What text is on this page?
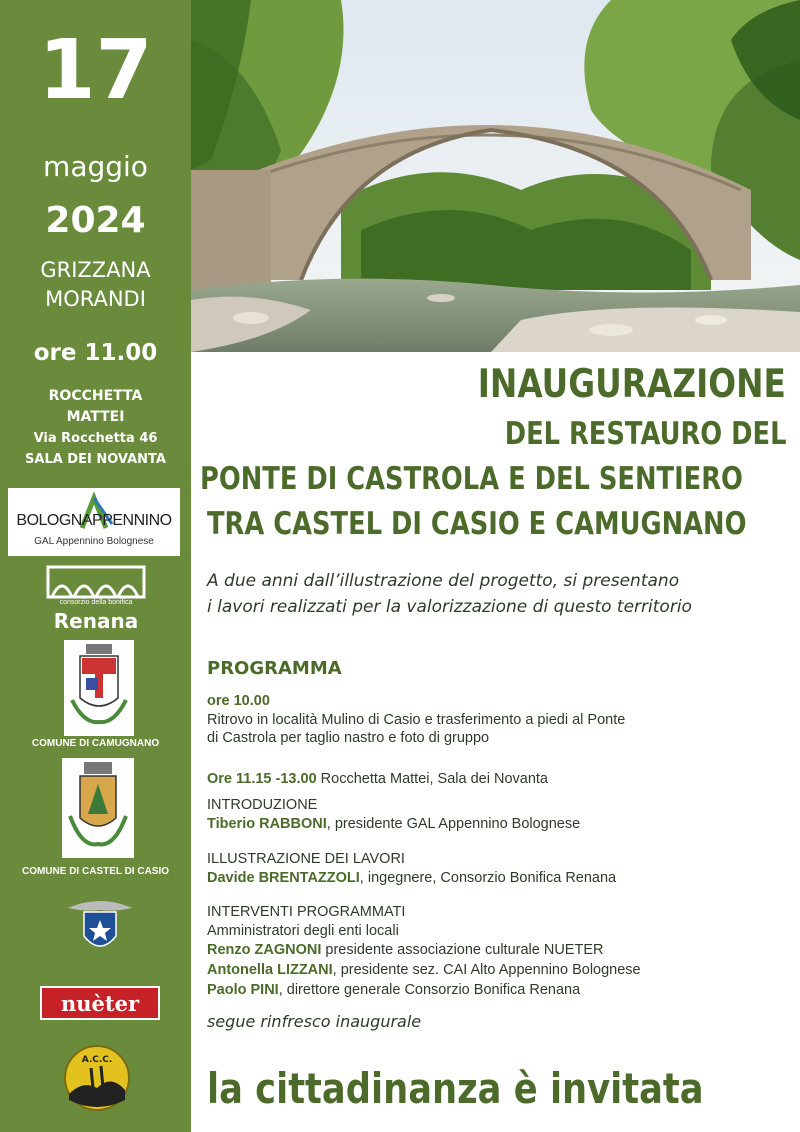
17
maggio
2024
GRIZZANA
MORANDI
ore 11.00
ROCCHETTA
MATTEI
Via Rocchetta 46
SALA DEI NOVANTA
BOLOGNAPPENNINO
GAL Appennino Bolognese
consorzio della bonifica
Renana
COMUNE DI CAMUGNANO
COMUNE DI CASTEL DI CASIO
nuèter
A.C.C.
INAUGURAZIONE
DEL RESTAURO DEL
PONTE DI CASTROLA E DEL SENTIERO
TRA CASTEL DI CASIO E CAMUGNANO
A due anni dall’illustrazione del progetto, si presentano
i lavori realizzati per la valorizzazione di questo territorio
PROGRAMMA
ore 10.00
Ritrovo in località Mulino di Casio e trasferimento a piedi al Ponte
di Castrola per taglio nastro e foto di gruppo
Ore 11.15 -13.00 Rocchetta Mattei, Sala dei Novanta
INTRODUZIONE
Tiberio RABBONI, presidente GAL Appennino Bolognese
ILLUSTRAZIONE DEI LAVORI
Davide BRENTAZZOLI, ingegnere, Consorzio Bonifica Renana
INTERVENTI PROGRAMMATI
Amministratori degli enti locali
Renzo ZAGNONI presidente associazione culturale NUETER
Antonella LIZZANI, presidente sez. CAI Alto Appennino Bolognese
Paolo PINI, direttore generale Consorzio Bonifica Renana
segue rinfresco inaugurale
la cittadinanza è invitata
